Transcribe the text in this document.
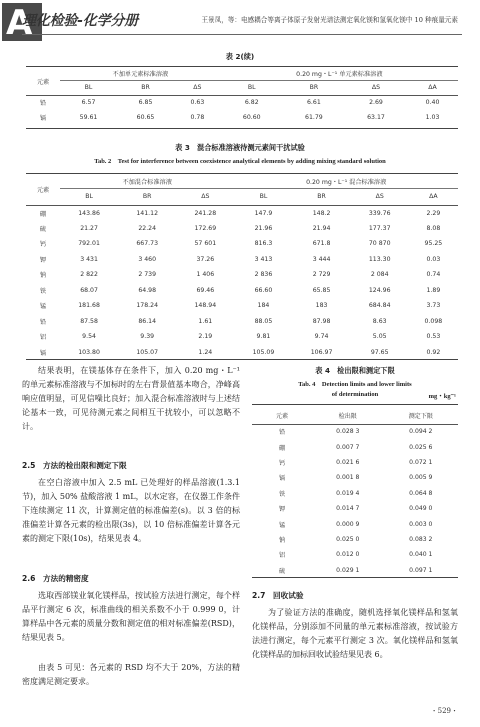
A
理化检验-化学分册	王景凤，等：电感耦合等离子体原子发射光谱法测定氧化镁和氢氧化镁中 10 种痕量元素
表 2(续)
元素	不加单元素标准溶液			0.20 mg・L⁻¹ 单元素标准溶液			
	BL	BR	ΔS	BL	BR	ΔS	ΔA
铅	6.57	6.85	0.63	6.82	6.61	2.69	0.40
镉	59.61	60.65	0.78	60.60	61.79	63.17	1.03
表 3　混合标准溶液待测元素间干扰试验
Tab. 2　Test for interference between coexistence analytical elements by adding mixing standard solution
元素	不加混合标准溶液			0.20 mg・L⁻¹ 混合标准溶液			
	BL	BR	ΔS	BL	BR	ΔS	ΔA
硼	143.86	141.12	241.28	147.9	148.2	339.76	2.29
硫	21.27	22.24	172.69	21.96	21.94	177.37	8.08
钙	792.01	667.73	57 601	816.3	671.8	70 870	95.25
钾	3 431	3 460	37.26	3 413	3 444	113.30	0.03
钠	2 822	2 739	1 406	2 836	2 729	2 084	0.74
铁	68.07	64.98	69.46	66.60	65.85	124.96	1.89
锰	181.68	178.24	148.94	184	183	684.84	3.73
铅	87.58	86.14	1.61	88.05	87.98	8.63	0.098
铝	9.54	9.39	2.19	9.81	9.74	5.05	0.53
镉	103.80	105.07	1.24	105.09	106.97	97.65	0.92
结果表明，在镁基体存在条件下，加入 0.20 mg・L⁻¹ 的单元素标准溶液与不加标时的左右背景值基本吻合，净峰高响应值明显，可见信噪比良好；加入混合标准溶液时与上述结论基本一致，可见待测元素之间相互干扰较小，可以忽略不计。
2.5　方法的检出限和测定下限
在空白溶液中加入 2.5 mL 已处理好的样品溶液(1.3.1 节)，加入 50% 盐酸溶液 1 mL，以水定容，在仪器工作条件下连续测定 11 次，计算测定值的标准偏差(s)。以 3 倍的标准偏差计算各元素的检出限(3s)，以 10 倍标准偏差计算各元素的测定下限(10s)，结果见表 4。
2.6　方法的精密度
选取西部镁业氧化镁样品，按试验方法进行测定，每个样品平行测定 6 次，标准曲线的相关系数不小于 0.999 0，计算样品中各元素的质量分数和测定值的相对标准偏差(RSD)，结果见表 5。
由表 5 可见：各元素的 RSD 均不大于 20%，方法的精密度满足测定要求。
表 4　检出限和测定下限
Tab. 4　Detection limits and lower limits
of determination	mg・kg⁻¹
元素	检出限	测定下限
铅	0.028 3	0.094 2
硼	0.007 7	0.025 6
钙	0.021 6	0.072 1
镉	0.001 8	0.005 9
铁	0.019 4	0.064 8
钾	0.014 7	0.049 0
锰	0.000 9	0.003 0
钠	0.025 0	0.083 2
铝	0.012 0	0.040 1
硫	0.029 1	0.097 1
2.7　回收试验
为了验证方法的准确度，随机选择氧化镁样品和氢氧化镁样品，分别添加不同量的单元素标准溶液，按试验方法进行测定，每个元素平行测定 3 次。氧化镁样品和氢氧化镁样品的加标回收试验结果见表 6。
・529・
